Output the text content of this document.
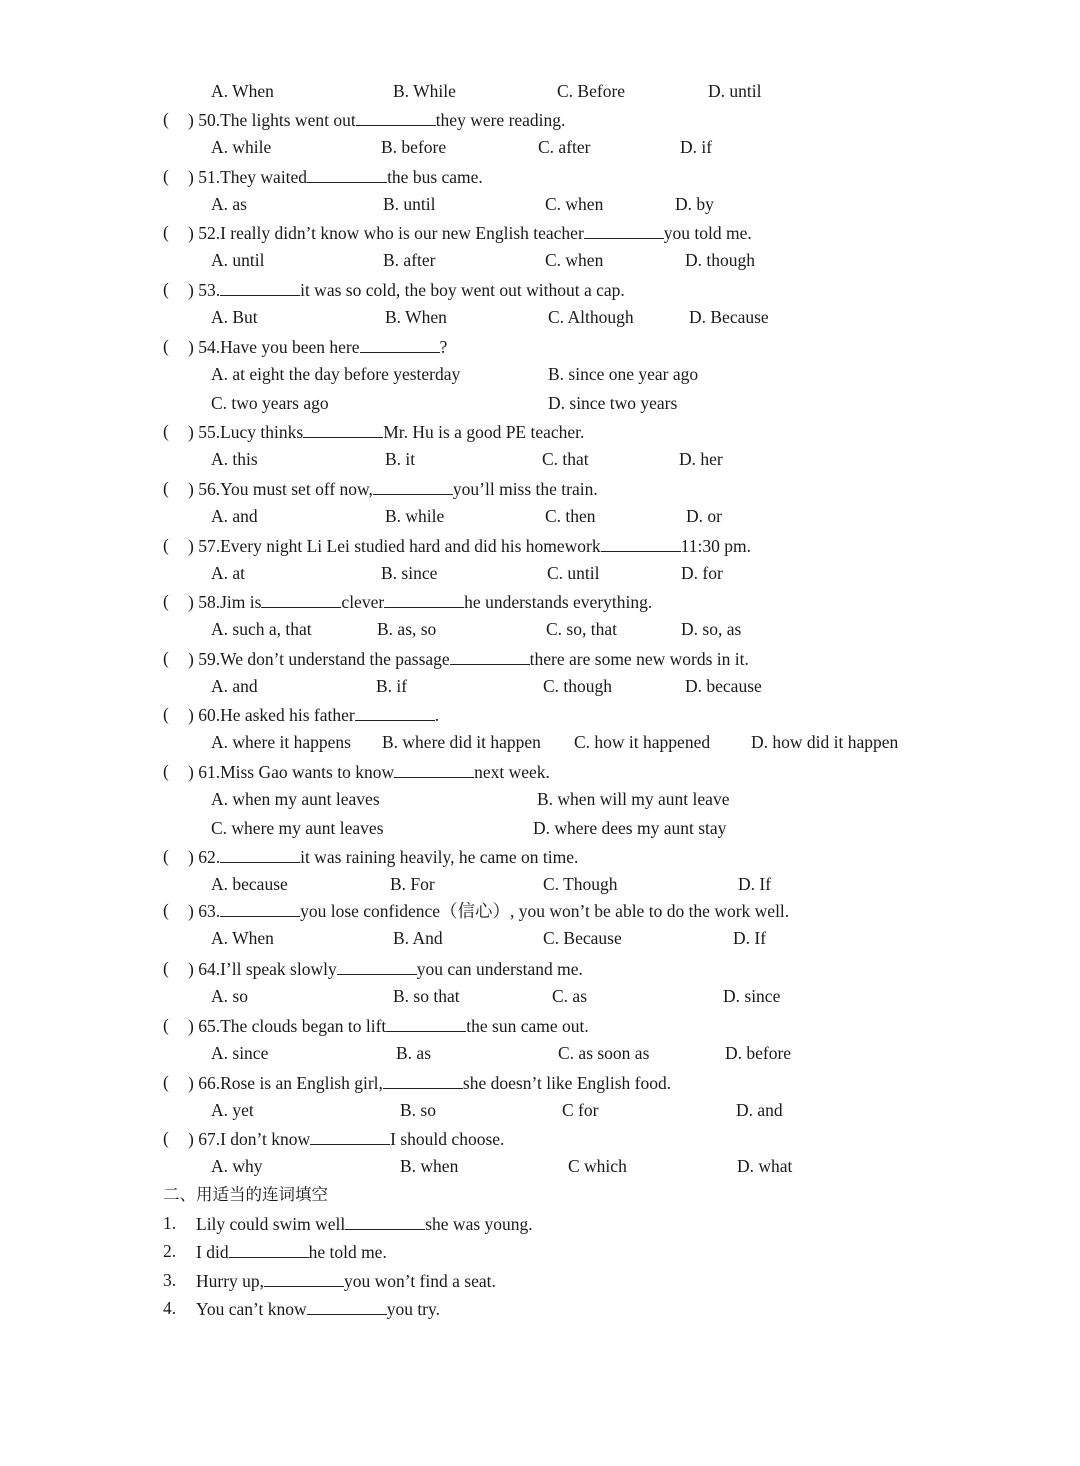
A. When	B. While	C. Before	D. until
( ) 50.The lights went out	they were reading.
A. while	B. before	C. after	D. if
( ) 51.They waited	the bus came.
A. as	B. until	C. when	D. by
( ) 52.I really didn’t know who is our new English teacher	you told me.
A. until	B. after	C. when	D. though
( ) 53.	it was so cold, the boy went out without a cap.
A. But	B. When	C. Although	D. Because
( ) 54.Have you been here	?
A. at eight the day before yesterday	B. since one year ago
C. two years ago	D. since two years
( ) 55.Lucy thinks	Mr. Hu is a good PE teacher.
A. this	B. it	C. that	D. her
( ) 56.You must set off now,	you’ll miss the train.
A. and	B. while	C. then	D. or
( ) 57.Every night Li Lei studied hard and did his homework	11:30 pm.
A. at	B. since	C. until	D. for
( ) 58.Jim is	clever	he understands everything.
A. such a, that	B. as, so	C. so, that	D. so, as
( ) 59.We don’t understand the passage	there are some new words in it.
A. and	B. if	C. though	D. because
( ) 60.He asked his father	.
A. where it happens B. where did it happen C. how it happened D. how did it happen
( ) 61.Miss Gao wants to know	next week.
A. when my aunt leaves	B. when will my aunt leave
C. where my aunt leaves	D. where dees my aunt stay
( ) 62.	it was raining heavily, he came on time.
A. because	B. For	C. Though	D. If
( ) 63.	you lose confidence（信心）, you won’t be able to do the work well.
A. When	B. And	C. Because	D. If
( ) 64.I’ll speak slowly	you can understand me.
A. so	B. so that	C. as	D. since
( ) 65.The clouds began to lift	the sun came out.
A. since	B. as	C. as soon as	D. before
( ) 66.Rose is an English girl,	she doesn’t like English food.
A. yet	B. so	C for	D. and
( ) 67.I don’t know	I should choose.
A. why	B. when	C which	D. what
二、用适当的连词填空
1. Lily could swim well	she was young.
2. I did	he told me.
3. Hurry up,	you won’t find a seat.
4. You can’t know	you try.
